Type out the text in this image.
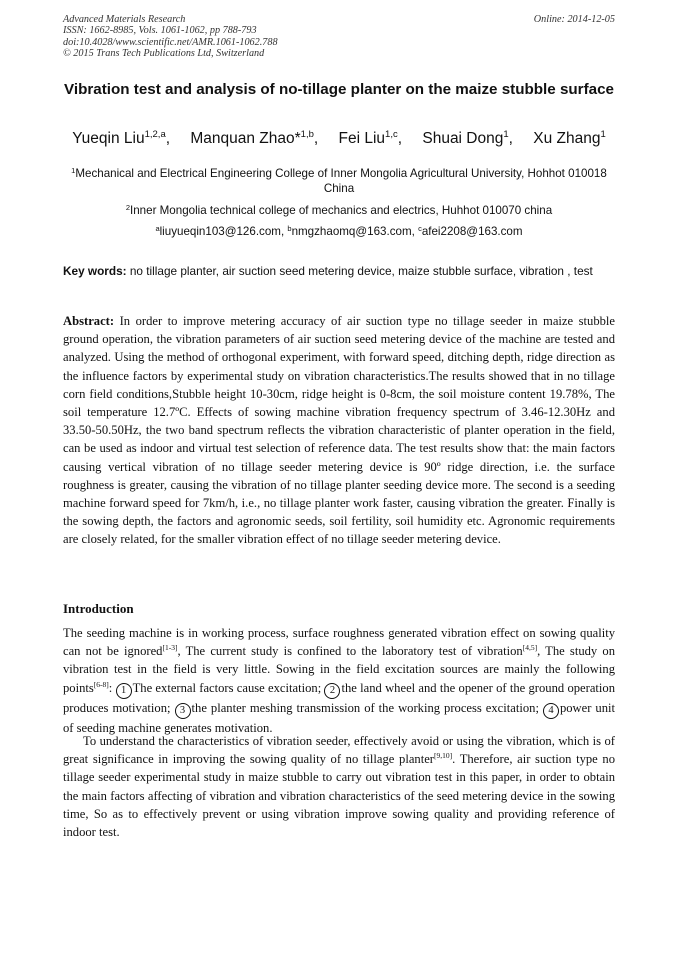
Advanced Materials Research
ISSN: 1662-8985, Vols. 1061-1062, pp 788-793
doi:10.4028/www.scientific.net/AMR.1061-1062.788
© 2015 Trans Tech Publications Ltd, Switzerland
Online: 2014-12-05
Vibration test and analysis of no-tillage planter on the maize stubble surface
Yueqin Liu$^{1,2,a}$, Manquan Zhao*$^{1,b}$, Fei Liu$^{1,c}$, Shuai Dong$^1$, Xu Zhang$^1$
$^1$Mechanical and Electrical Engineering College of Inner Mongolia Agricultural University, Hohhot 010018 China
$^2$Inner Mongolia technical college of mechanics and electrics, Huhhot 010070 china
$^a$liuyueqin103@126.com, $^b$nmgzhaomq@163.com, $^c$afei2208@163.com
Key words: no tillage planter, air suction seed metering device, maize stubble surface, vibration , test
Abstract: In order to improve metering accuracy of air suction type no tillage seeder in maize stubble ground operation, the vibration parameters of air suction seed metering device of the machine are tested and analyzed. Using the method of orthogonal experiment, with forward speed, ditching depth, ridge direction as the influence factors by experimental study on vibration characteristics.The results showed that in no tillage corn field conditions,Stubble height 10-30cm, ridge height is 0-8cm, the soil moisture content 19.78%, The soil temperature 12.7ºC. Effects of sowing machine vibration frequency spectrum of 3.46-12.30Hz and 33.50-50.50Hz, the two band spectrum reflects the vibration characteristic of planter operation in the field, can be used as indoor and virtual test selection of reference data. The test results show that: the main factors causing vertical vibration of no tillage seeder metering device is 90º ridge direction, i.e. the surface roughness is greater, causing the vibration of no tillage planter seeding device more. The second is a seeding machine forward speed for 7km/h, i.e., no tillage planter work faster, causing vibration the greater. Finally is the sowing depth, the factors and agronomic seeds, soil fertility, soil humidity etc. Agronomic requirements are closely related, for the smaller vibration effect of no tillage seeder metering device.
Introduction
The seeding machine is in working process, surface roughness generated vibration effect on sowing quality can not be ignored[1-3], The current study is confined to the laboratory test of vibration[4,5], The study on vibration test in the field is very little. Sowing in the field excitation sources are mainly the following points[6-8]: 1 The external factors cause excitation; 2 the land wheel and the opener of the ground operation produces motivation; 3 the planter meshing transmission of the working process excitation; 4 power unit of seeding machine generates motivation.
To understand the characteristics of vibration seeder, effectively avoid or using the vibration, which is of great significance in improving the sowing quality of no tillage planter[9,10]. Therefore, air suction type no tillage seeder experimental study in maize stubble to carry out vibration test in this paper, in order to obtain the main factors affecting of vibration and vibration characteristics of the seed metering device in the sowing time, So as to effectively prevent or using vibration improve sowing quality and providing reference of indoor test.
